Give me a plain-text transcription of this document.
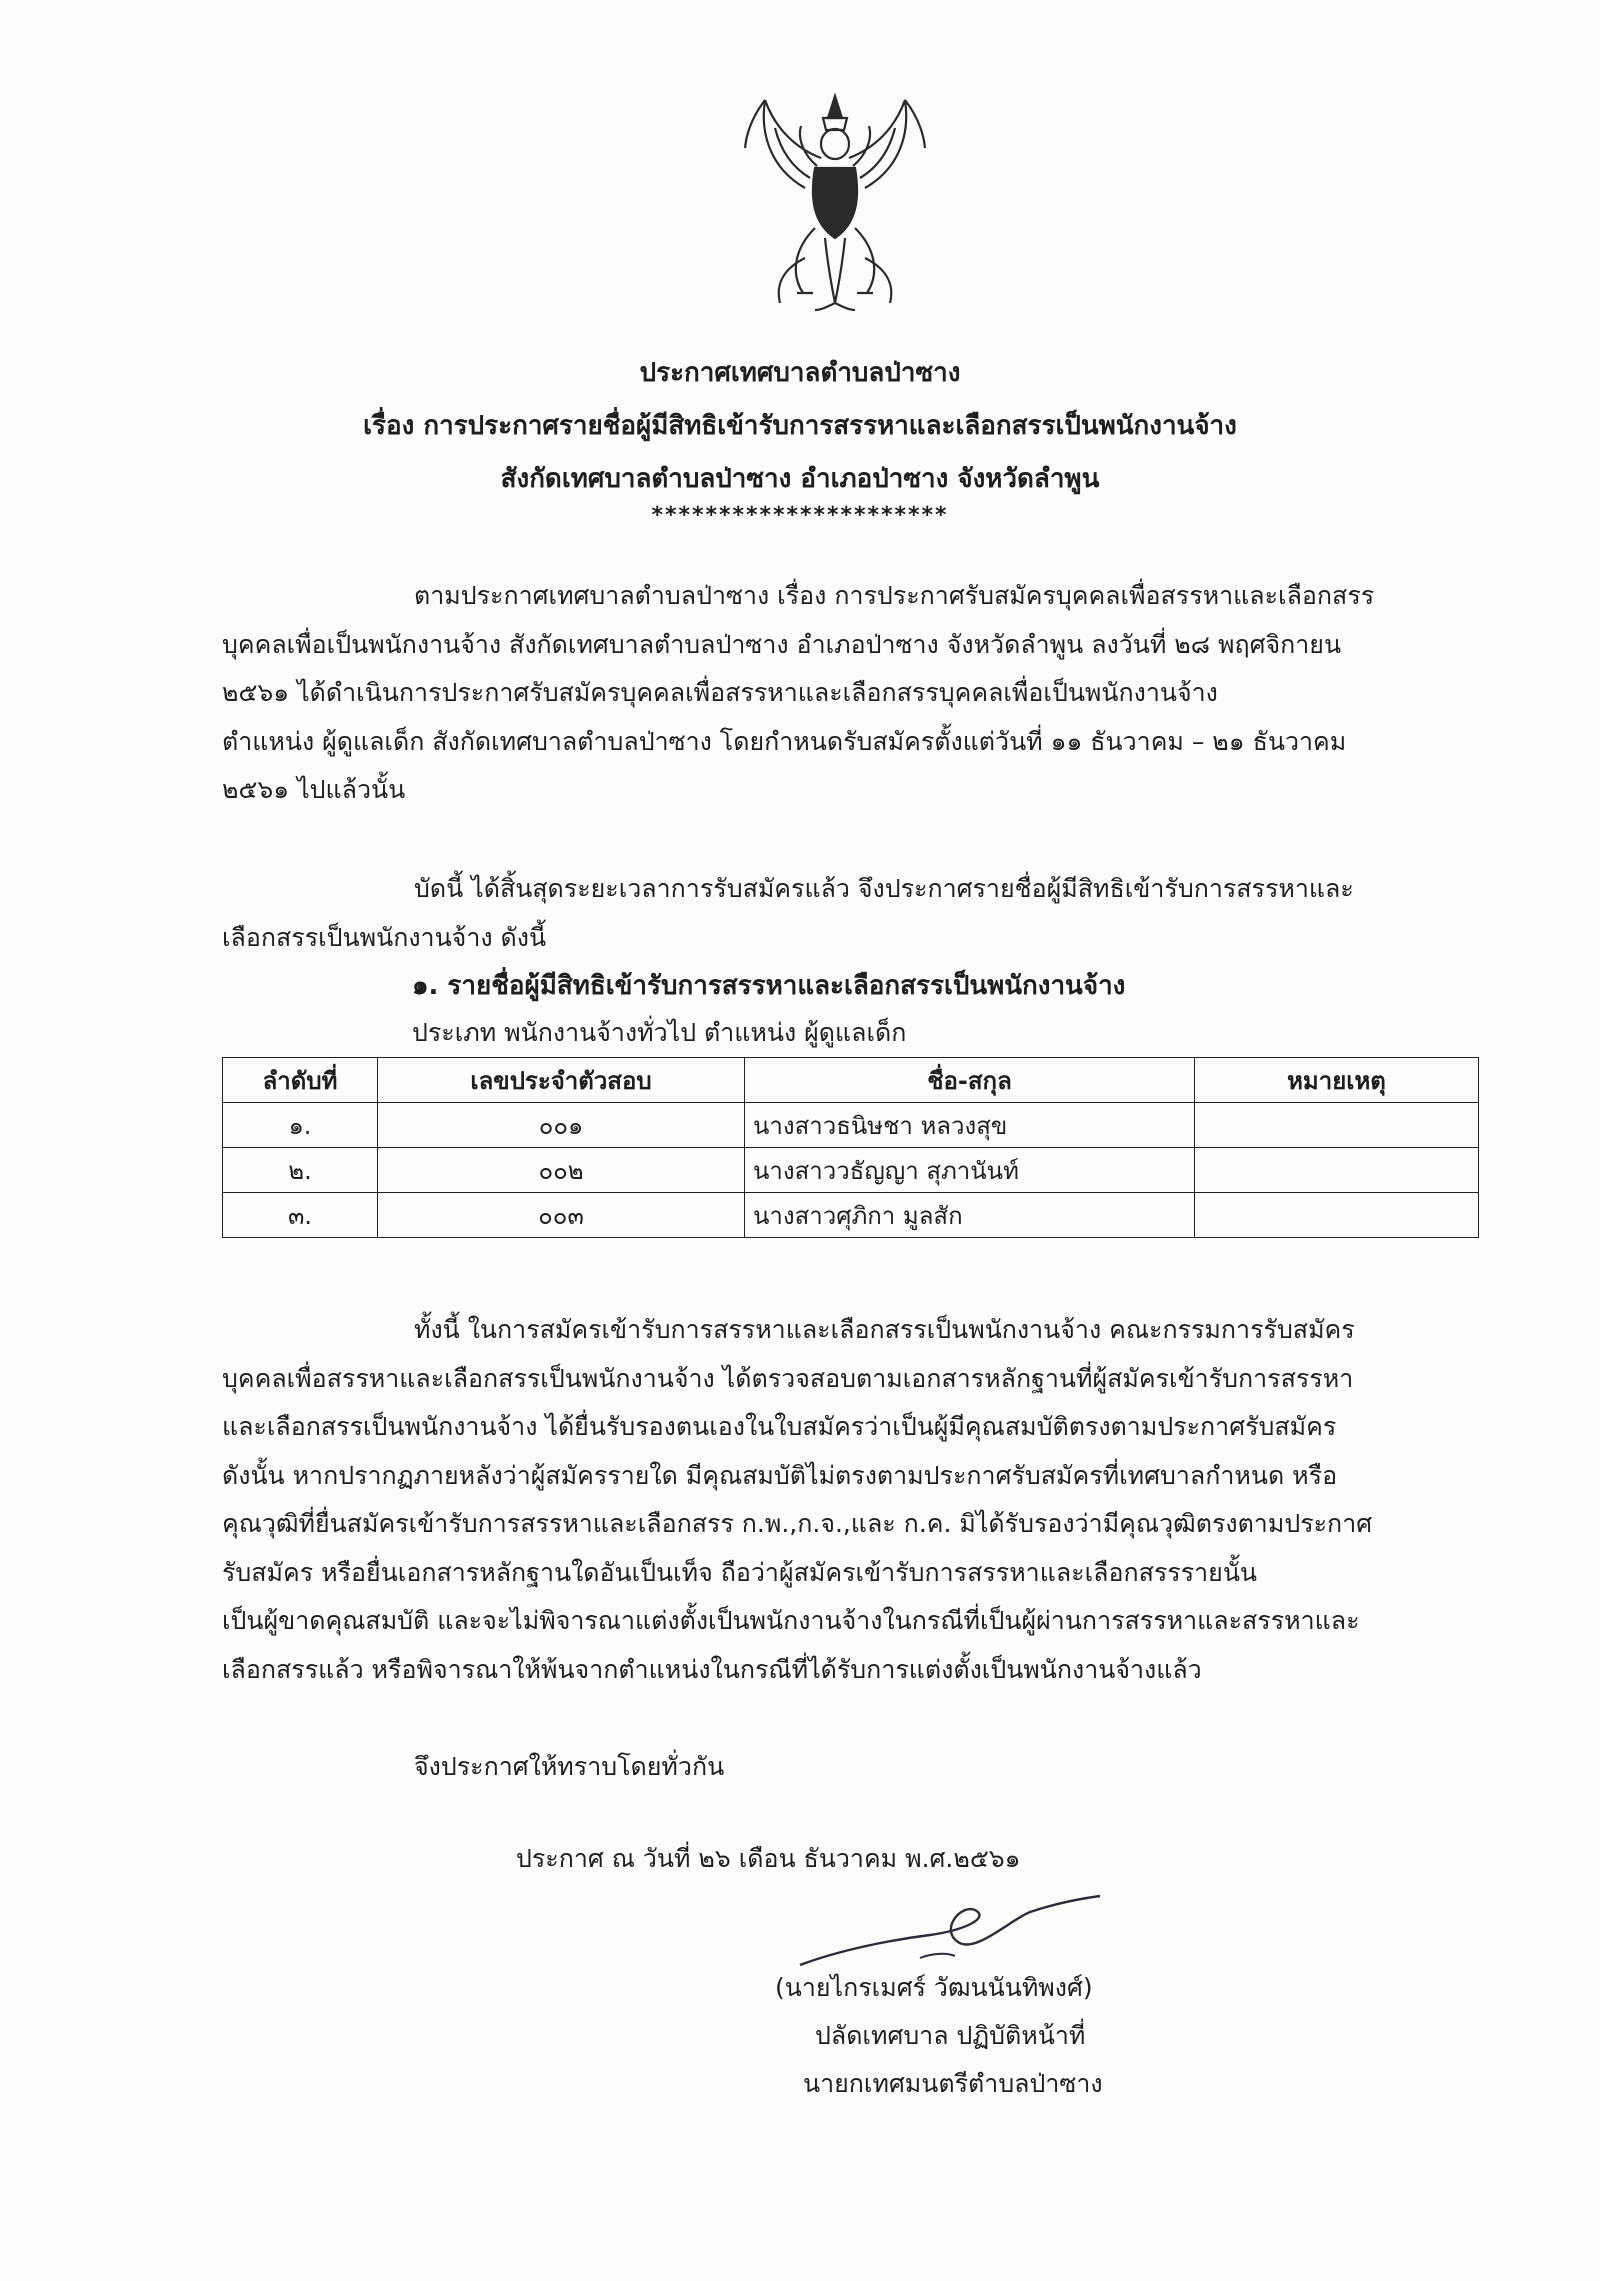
ประกาศเทศบาลตำบลป่าซาง
เรื่อง การประกาศรายชื่อผู้มีสิทธิเข้ารับการสรรหาและเลือกสรรเป็นพนักงานจ้าง
สังกัดเทศบาลตำบลป่าซาง อำเภอป่าซาง จังหวัดลำพูน
**********************
ตามประกาศเทศบาลตำบลป่าซาง เรื่อง การประกาศรับสมัครบุคคลเพื่อสรรหาและเลือกสรร
บุคคลเพื่อเป็นพนักงานจ้าง สังกัดเทศบาลตำบลป่าซาง อำเภอป่าซาง จังหวัดลำพูน ลงวันที่ ๒๘ พฤศจิกายน
๒๕๖๑ ได้ดำเนินการประกาศรับสมัครบุคคลเพื่อสรรหาและเลือกสรรบุคคลเพื่อเป็นพนักงานจ้าง
ตำแหน่ง ผู้ดูแลเด็ก สังกัดเทศบาลตำบลป่าซาง โดยกำหนดรับสมัครตั้งแต่วันที่ ๑๑ ธันวาคม – ๒๑ ธันวาคม
๒๕๖๑ ไปแล้วนั้น
บัดนี้ ได้สิ้นสุดระยะเวลาการรับสมัครแล้ว จึงประกาศรายชื่อผู้มีสิทธิเข้ารับการสรรหาและ
เลือกสรรเป็นพนักงานจ้าง ดังนี้
๑. รายชื่อผู้มีสิทธิเข้ารับการสรรหาและเลือกสรรเป็นพนักงานจ้าง
ประเภท พนักงานจ้างทั่วไป ตำแหน่ง ผู้ดูแลเด็ก
ลำดับที่	เลขประจำตัวสอบ	ชื่อ-สกุล	หมายเหตุ
๑.	๐๐๑	นางสาวธนิษชา หลวงสุข	
๒.	๐๐๒	นางสาววธัญญา สุภานันท์	
๓.	๐๐๓	นางสาวศุภิกา มูลสัก	
ทั้งนี้ ในการสมัครเข้ารับการสรรหาและเลือกสรรเป็นพนักงานจ้าง คณะกรรมการรับสมัคร
บุคคลเพื่อสรรหาและเลือกสรรเป็นพนักงานจ้าง ได้ตรวจสอบตามเอกสารหลักฐานที่ผู้สมัครเข้ารับการสรรหา
และเลือกสรรเป็นพนักงานจ้าง ได้ยื่นรับรองตนเองในใบสมัครว่าเป็นผู้มีคุณสมบัติตรงตามประกาศรับสมัคร
ดังนั้น หากปรากฏภายหลังว่าผู้สมัครรายใด มีคุณสมบัติไม่ตรงตามประกาศรับสมัครที่เทศบาลกำหนด หรือ
คุณวุฒิที่ยื่นสมัครเข้ารับการสรรหาและเลือกสรร ก.พ.,ก.จ.,และ ก.ค. มิได้รับรองว่ามีคุณวุฒิตรงตามประกาศ
รับสมัคร หรือยื่นเอกสารหลักฐานใดอันเป็นเท็จ ถือว่าผู้สมัครเข้ารับการสรรหาและเลือกสรรรายนั้น
เป็นผู้ขาดคุณสมบัติ และจะไม่พิจารณาแต่งตั้งเป็นพนักงานจ้างในกรณีที่เป็นผู้ผ่านการสรรหาและสรรหาและ
เลือกสรรแล้ว หรือพิจารณาให้พ้นจากตำแหน่งในกรณีที่ได้รับการแต่งตั้งเป็นพนักงานจ้างแล้ว
จึงประกาศให้ทราบโดยทั่วกัน
ประกาศ ณ วันที่ ๒๖ เดือน ธันวาคม พ.ศ.๒๕๖๑
(นายไกรเมศร์ วัฒนนันทิพงศ์)
ปลัดเทศบาล ปฏิบัติหน้าที่
นายกเทศมนตรีตำบลป่าซาง
